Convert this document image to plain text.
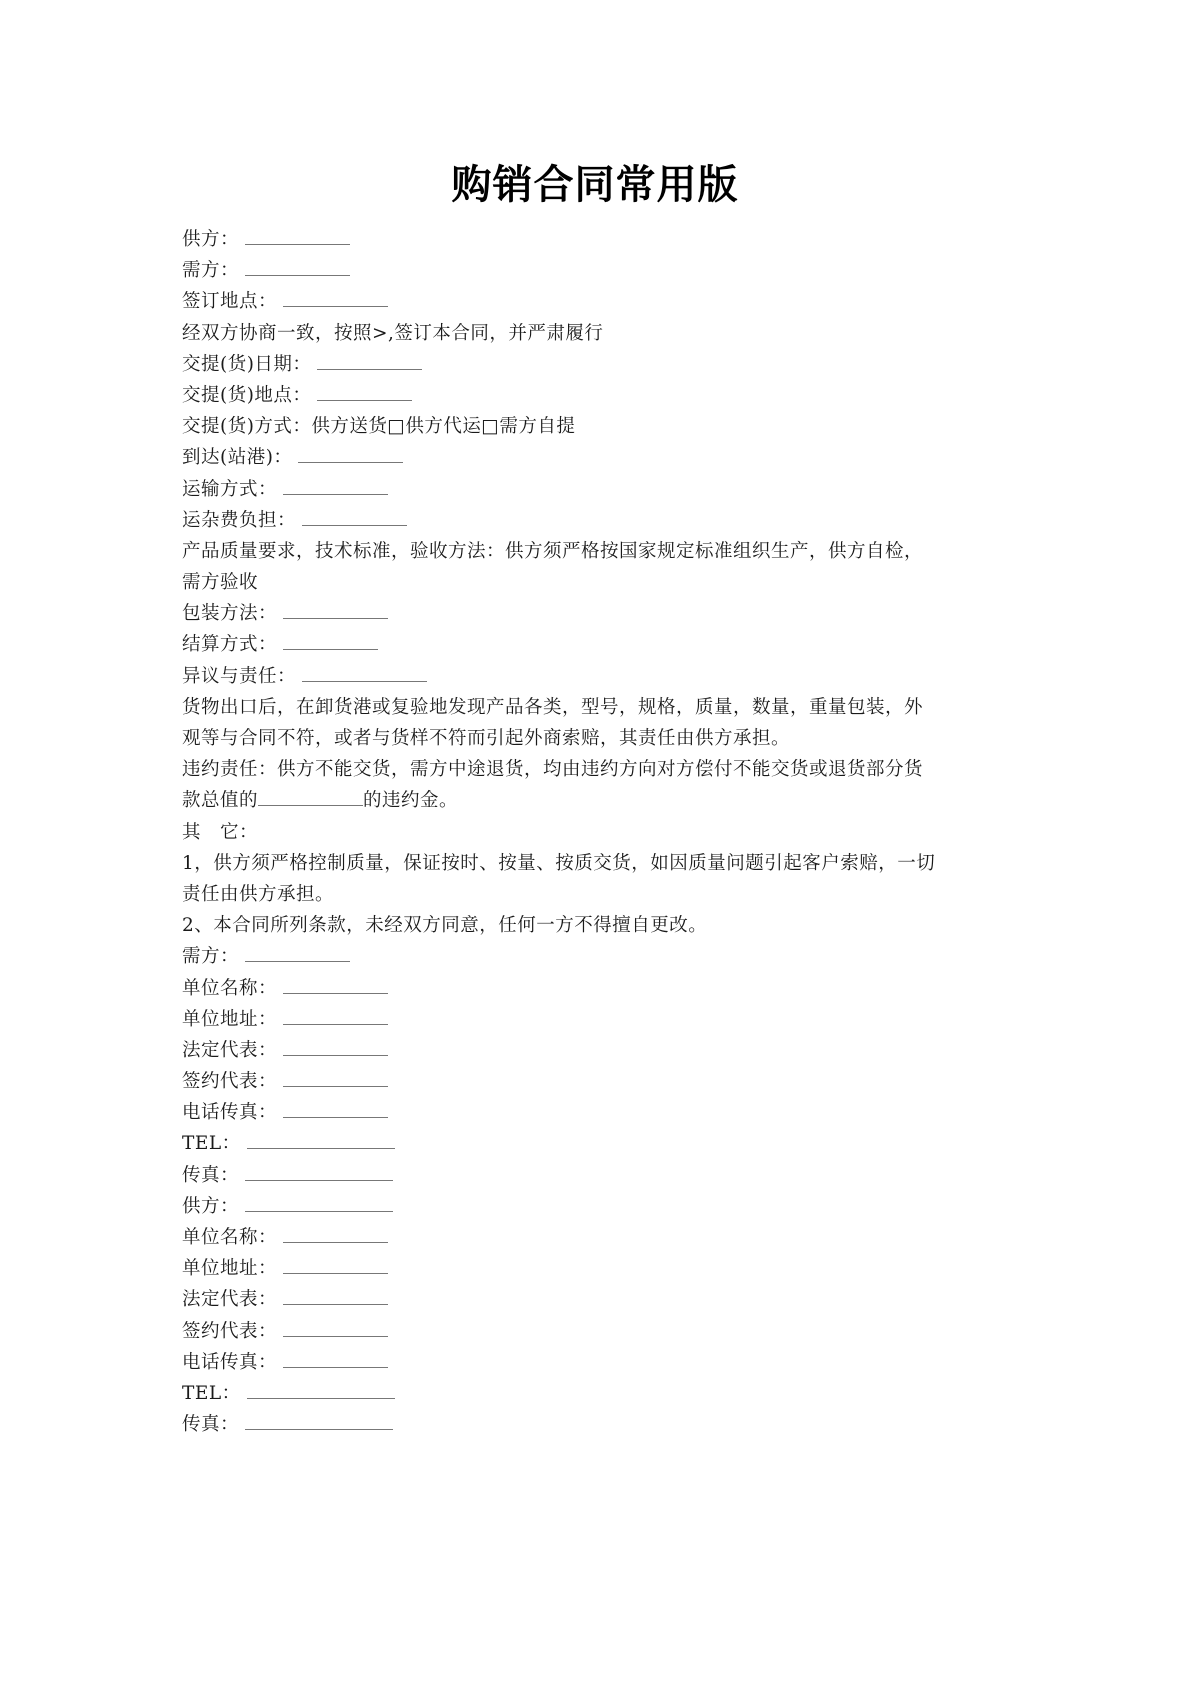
购销合同常用版
供方：
需方：
签订地点：
经双方协商一致，按照>,签订本合同，并严肃履行
交提(货)日期：
交提(货)地点：
交提(货)方式：供方送货□供方代运□需方自提
到达(站港)：
运输方式：
运杂费负担：
产品质量要求，技术标准，验收方法：供方须严格按国家规定标准组织生产，供方自检，
需方验收
包装方法：
结算方式：
异议与责任：
货物出口后，在卸货港或复验地发现产品各类，型号，规格，质量，数量，重量包装，外
观等与合同不符，或者与货样不符而引起外商索赔，其责任由供方承担。
违约责任：供方不能交货，需方中途退货，均由违约方向对方偿付不能交货或退货部分货
款总值的	的违约金。
其　它：
1，供方须严格控制质量，保证按时、按量、按质交货，如因质量问题引起客户索赔，一切
责任由供方承担。
2、本合同所列条款，未经双方同意，任何一方不得擅自更改。
需方：
单位名称：
单位地址：
法定代表：
签约代表：
电话传真：
TEL：
传真：
供方：
单位名称：
单位地址：
法定代表：
签约代表：
电话传真：
TEL：
传真：
